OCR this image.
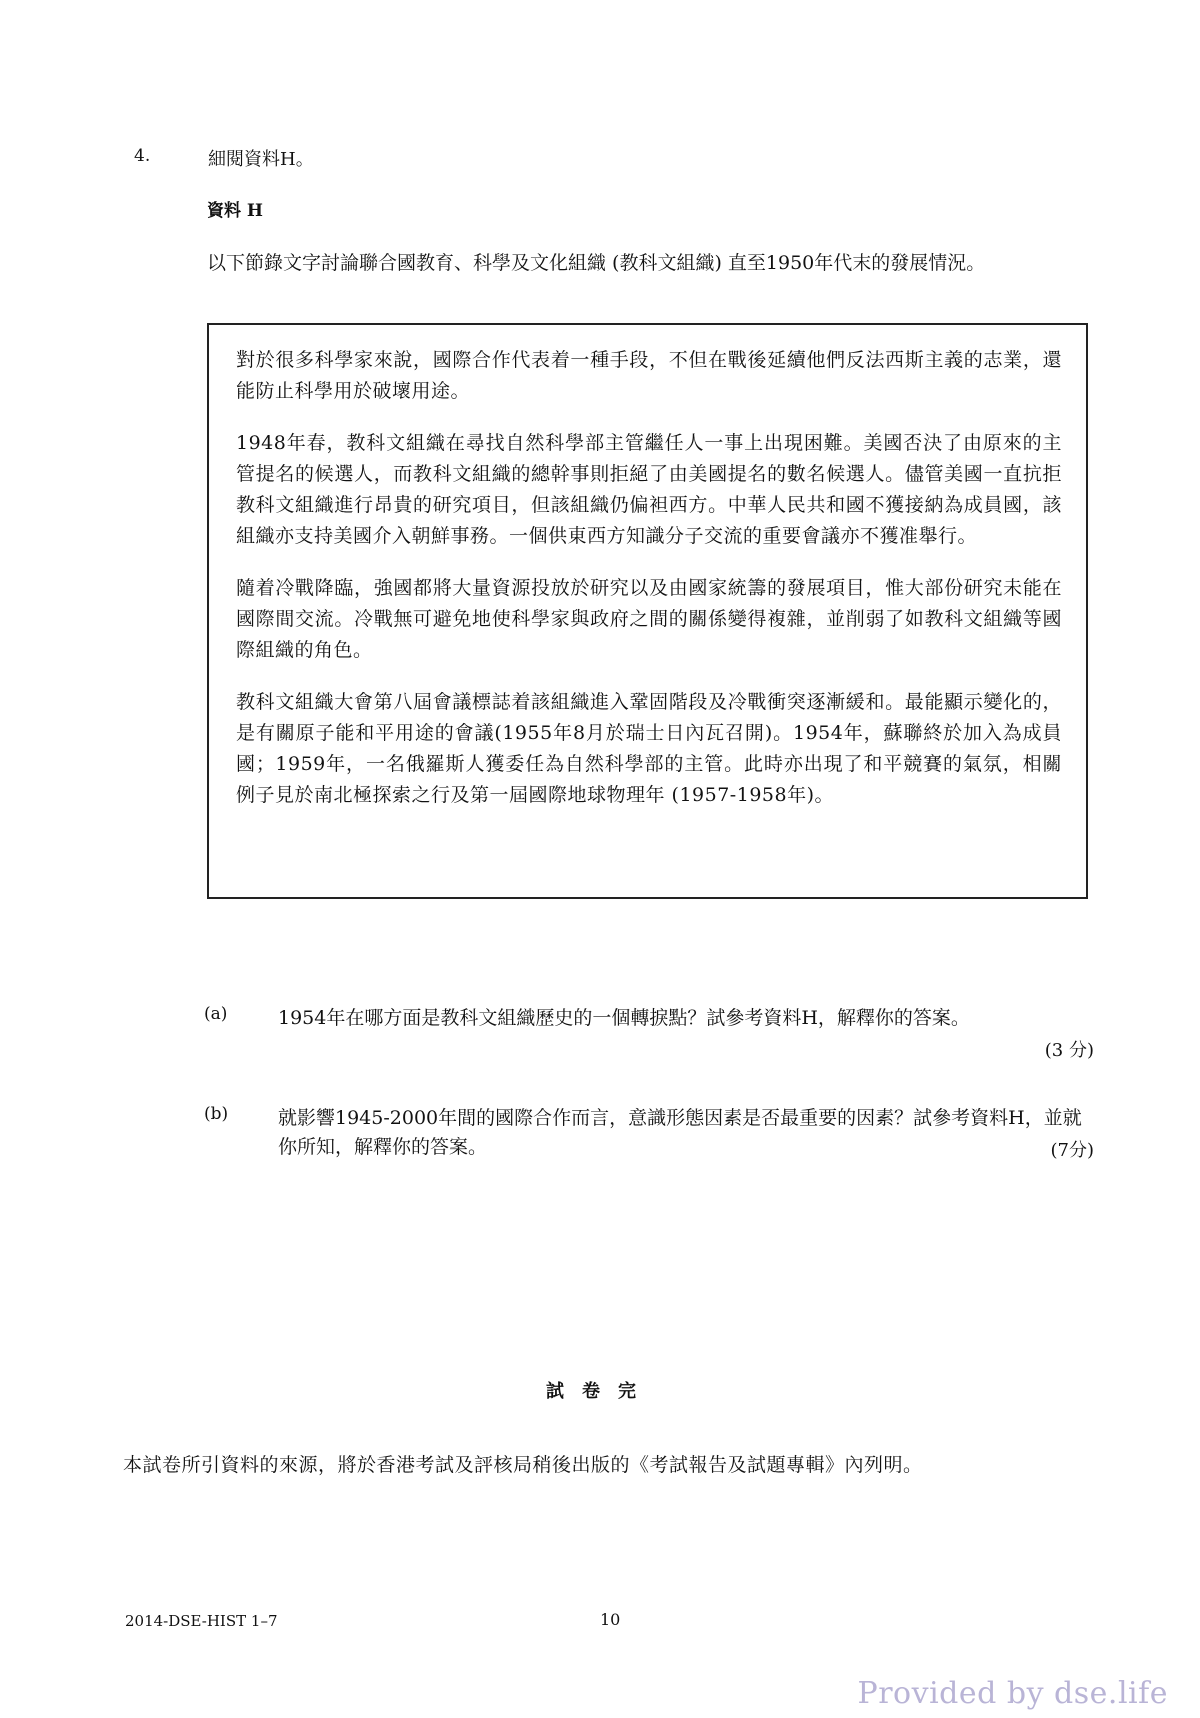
4.	細閱資料H。
資料 H
以下節錄文字討論聯合國教育、科學及文化組織 (教科文組織) 直至1950年代末的發展情況。

對於很多科學家來說，國際合作代表着一種手段，不但在戰後延續他們反法西斯主義的志業，還能防止科學用於破壞用途。

1948年春，教科文組織在尋找自然科學部主管繼任人一事上出現困難。美國否決了由原來的主管提名的候選人，而教科文組織的總幹事則拒絕了由美國提名的數名候選人。儘管美國一直抗拒教科文組織進行昂貴的研究項目，但該組織仍偏袒西方。中華人民共和國不獲接納為成員國，該組織亦支持美國介入朝鮮事務。一個供東西方知識分子交流的重要會議亦不獲准舉行。

隨着冷戰降臨，強國都將大量資源投放於研究以及由國家統籌的發展項目，惟大部份研究未能在國際間交流。冷戰無可避免地使科學家與政府之間的關係變得複雜，並削弱了如教科文組織等國際組織的角色。

教科文組織大會第八屆會議標誌着該組織進入鞏固階段及冷戰衝突逐漸緩和。最能顯示變化的，是有關原子能和平用途的會議(1955年8月於瑞士日內瓦召開)。1954年，蘇聯終於加入為成員國；1959年，一名俄羅斯人獲委任為自然科學部的主管。此時亦出現了和平競賽的氣氛，相關例子見於南北極探索之行及第一屆國際地球物理年 (1957-1958年)。

(a)	1954年在哪方面是教科文組織歷史的一個轉捩點？試參考資料H，解釋你的答案。
(3 分)
(b)	就影響1945-2000年間的國際合作而言，意識形態因素是否最重要的因素？試參考資料H，並就你所知，解釋你的答案。	(7分)
試卷完
本試卷所引資料的來源，將於香港考試及評核局稍後出版的《考試報告及試題專輯》內列明。
2014-DSE-HIST 1–7	10
Provided by dse.life
